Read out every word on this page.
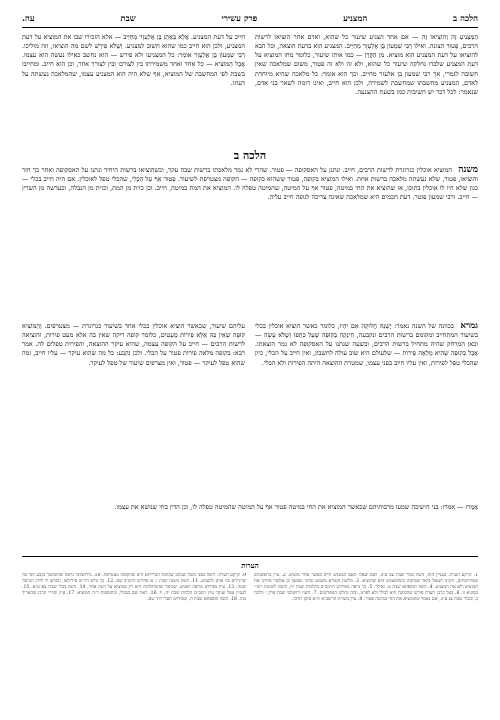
הלכה ב
המצניע
פרק עשירי
שבת
עה.

הַמַּצְנִיעַ זֶה וְהוֹצִיאוֹ זֶה — אם אחד הצניע שיעור כל שהוא, ואדם אחר הוציאו לרשות הרבים, פָּטוּר הצונה. ואילו רַבִּי שִׁמְעוֹן בֶּן אֶלְעָזָר מְחַיֵּיב. המצניע הוא בדעת הוצאה, וכל הבא להוציאו על דעת המצניע הוא מוציא. מִן הַקֶּרֶן — כמו אותו שיעור, כלומר מחו המוציא על דעת המצניע שלבדו נחלקה שיעור כל שהוא, ולא זה ולא זה פטור, משום שמלאכה שאין חשובה לגמרי, אך רבי שמעון בן אלעזר מחייב. וכך הוא אומר: כל מלאכה שהיא מיוחדת לאדם, המצניע מחשבתו שמחשבת לשמירה, ולכן הוא חייב, ואינו דומה לשאר בני אדם, שנאמר: לכל דבר יש חשיבות כמו בשעת ההצנעה.

חייב על דעת המצניע. אֲלָא בְּאָתָן בֶּן אֶלְעָזָר מְחַיֵּיב — אלא הזכירו שבו את המוציא על דעת המצניע, ולכן הוא חייב כמו שהוא חשוב למצניע. וְשֶׁלֹּא פִּירַשׁ לשם מה הוציאו, וזה מוליכו. רַבִּי שִׁמְעוֹן בֶּן אֶלְעָזָר אוֹמֵר: כל המצניעו ולא פירש — הוא נחשב כאילו נעשה הוא עצמו. אֲבָל הַמּוֹצִיא — כל אחד ואחד משמירתו בין לצורכו ובין לצורך אחר, וכן הוא חייב. ומחייבו בשבת לפי המחשבה של המוציא, אף שלא היה הוא המצניע עצמו, שהמלאכה נעשתה על דעתו.

הלכה ב
משנה המוציא אוכלין כגרוגרת לרשות הרבים, חייב. ונתנן על האסקופה — פטור. שהרי לא גמר מלאכתו ברשות שבה עקר, וכשהוציאו ברשות היחיד ונתנו על האסקופה ואחר כך חזר והוציאו, פטור, שלא נעשתה מלאכה ברשות אחת. ואילו המוציא בקופה, פטור ששהוא בקופה — הקופה מצטרפת לשיעור. פָּטוּר אַף עַל הַכְּלִי, שהכלי טפל לאוכלין. אם היה חייב בכלי — כגון שלא היו לו אוכלין בתוכו, או שהוציא את החי במיטה, פטור אף על המיטה, שהמיטה טפלה לו. המוציא את המת במיטה, חייב. וכן כזית מן המת, וכזית מן הנבלה, וכעדשה מן השרץ — חייב. ורבי שמעון פוטר. דעת חכמים היא שמלאכה שאינה צריכה לגופה חייב עליה.

גמרא בכוונה של השנה נאמר: יֶשְׁנָהּ חֲלוּקָה אִם יִהְיוּ, כלומר כאשר הוציא אוכלין בכלי בשיעור המתחייב ומקומם ברשות הרבים ונקבעה, חִינְקָה בְּקוּפָּה שֶׁעַל כְּתֵפוֹ וְשֶׁלֹּא עָשָׂה — וכאן המרחק שהיה מתחיל ברשות הרבים, ובשעה שנתנו על האסקופה לא גמר הוצאתו. אֲבָל בְּקוּפָּה שֶׁהִיא מְלֵאָה פֵּירוֹת — שלעולם היא שוב עולה לחשבון, ואין חייב על הכלי, כיון שהכלי טפל לפירות, ואין עליו חיוב בפני עצמו, שמטרת ההוצאה היתה הפירות ולא הכלי.

עליהם שיעור, שכאשר הוציא אוכלין בכלי אחד בשיעור כגרוגרת — מצטרפים. וְהַמּוֹצִיא קוּפָּה שֶׁאֵין בָּהּ אֶלָּא פֵּירוֹת מֻעָטִים, כלומר קופה ריקה שאין בה אלא מעט פירות, והוציאה לרשות הרבים — חייב על הקופה עצמה, שהיא עיקר ההוצאה, והפירות טפלים לה. אמר רבא: בקופה מלאה פירות פטור על הכלי. ולכן נקבע: כל מה שהוא עיקר — עליו חייב, ומה שהוא טפל לעיקר — פטור, ואין מצרפים שיעור של טפל לעיקר.

אָמְרוּ — אמרו: בני הישיבה שמעו מרבותיהם שכאשר המוציא את החי במיטה פטור אף על המיטה שהמיטה טפלה לו, וכן הדין בחי שנושא את עצמו.
הערות

1. קרקע הערה. בעניין הזה, השוו בבלי שבת צב ע״ב, ושם שאלו האם המצניע חייב כאשר אחר מוציא. 2. עיין בראשונים ובפירושיהם, ורבינו חננאל ביאר שכוונתו כשהמצניע הוא שהוציא. 3. מלשון הגמרא משמע שרבי שמעון בן אלעזר מחייב את המוציא ולא את המצניע. 4. השוו תוספתא שבת ט, ואילך. 5. כך נראה מפירוש הרמב״ם בהלכות שבת יח, והשוו לשיטת רש״י בסוגיא זו. 6. בעל קרבן העדה פירש שהכוונה היא לכלל ולא לפרט, ובזה נחלקו המפרשים. 7. השוו ירושלמי שבת פרק י הלכה ב, ובבלי שבת צג ע״ב, שם נאמר שהמוציא את החי במיטה פטור. 8. עיין בשו״ת הרשב״א ח״א סימן תרכו.

9. קרקע הערה. וראה בפני משה שכתב שכוונת הברייתא היא שהקופה מצטרפת. 10. בירושלמי נראה שהשיעור נקבע לפי מה שרגילים בני אדם להצניע. 11. השוו משנה שבת י, א ופירוש הרע״ב שם. 12. כך גורס הר״ש סירילאו, ובכתב יד ליידן הגרסה שונה. 13. עיין בפירוש מראה הפנים, שביאר שהמחלוקת היא רק במוציא על דעת אחר. 14. השוו בבלי שבת צא ע״א. 15. לעניין טפל ועיקר עיין רמב״ם הלכות שבת יח, יז. 16. ראה שם בבבלי, ובתוספות ד״ה המוציא. 17. עיין שיירי קרבן שהאריך בזה. 18. השוו תוספתא שבת ח, ובפירוש חסדי דוד שם.
